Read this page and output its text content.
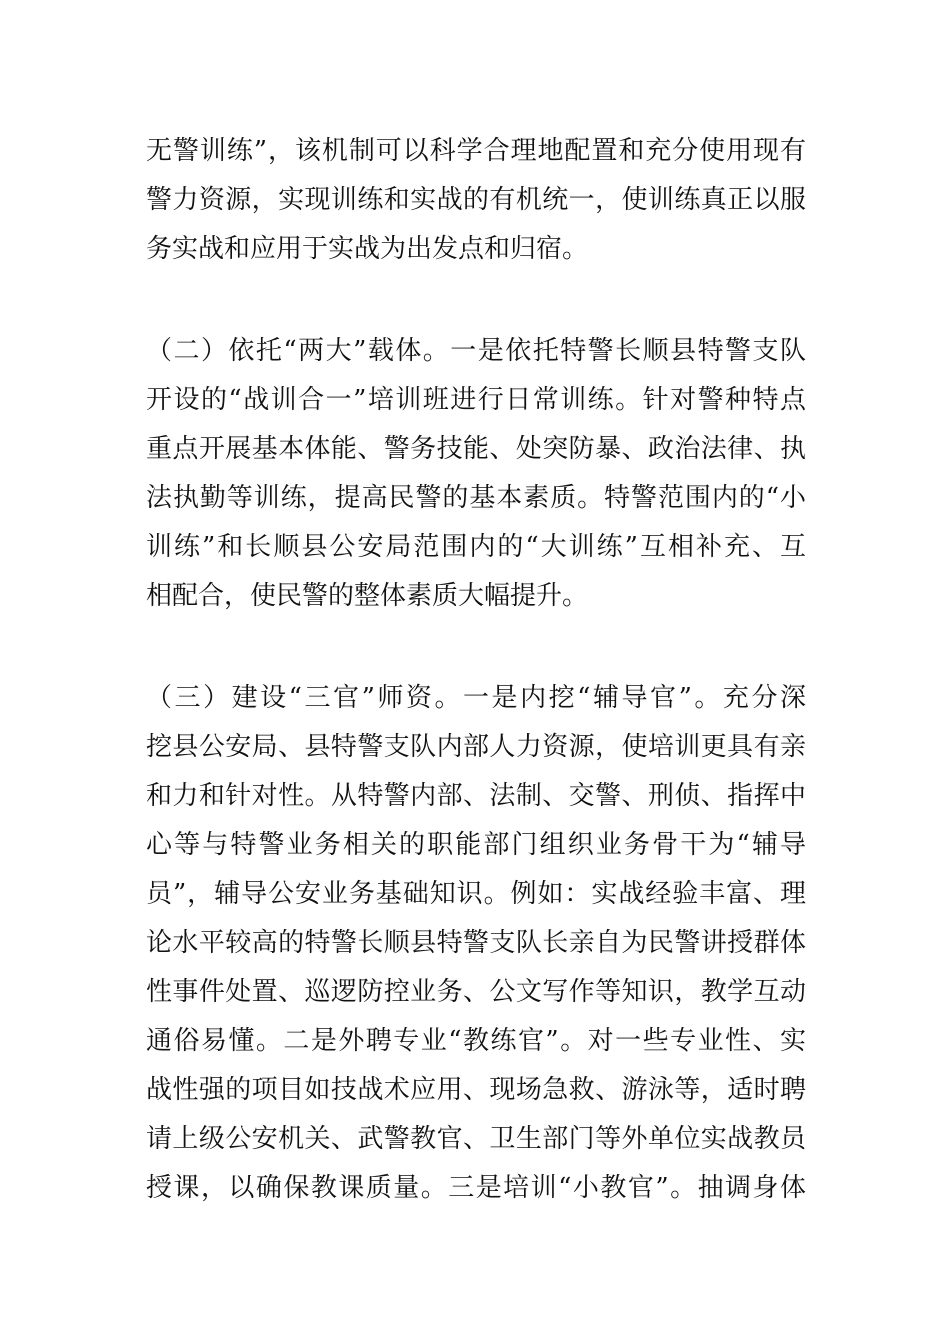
无警训练”，该机制可以科学合理地配置和充分使用现有
警力资源，实现训练和实战的有机统一，使训练真正以服
务实战和应用于实战为出发点和归宿。
（二）依托“两大”载体。一是依托特警长顺县特警支队
开设的“战训合一”培训班进行日常训练。针对警种特点
重点开展基本体能、警务技能、处突防暴、政治法律、执
法执勤等训练，提高民警的基本素质。特警范围内的“小
训练”和长顺县公安局范围内的“大训练”互相补充、互
相配合，使民警的整体素质大幅提升。
（三）建设“三官”师资。一是内挖“辅导官”。充分深
挖县公安局、县特警支队内部人力资源，使培训更具有亲
和力和针对性。从特警内部、法制、交警、刑侦、指挥中
心等与特警业务相关的职能部门组织业务骨干为“辅导
员”，辅导公安业务基础知识。例如：实战经验丰富、理
论水平较高的特警长顺县特警支队长亲自为民警讲授群体
性事件处置、巡逻防控业务、公文写作等知识，教学互动
通俗易懂。二是外聘专业“教练官”。对一些专业性、实
战性强的项目如技战术应用、现场急救、游泳等，适时聘
请上级公安机关、武警教官、卫生部门等外单位实战教员
授课，以确保教课质量。三是培训“小教官”。抽调身体
